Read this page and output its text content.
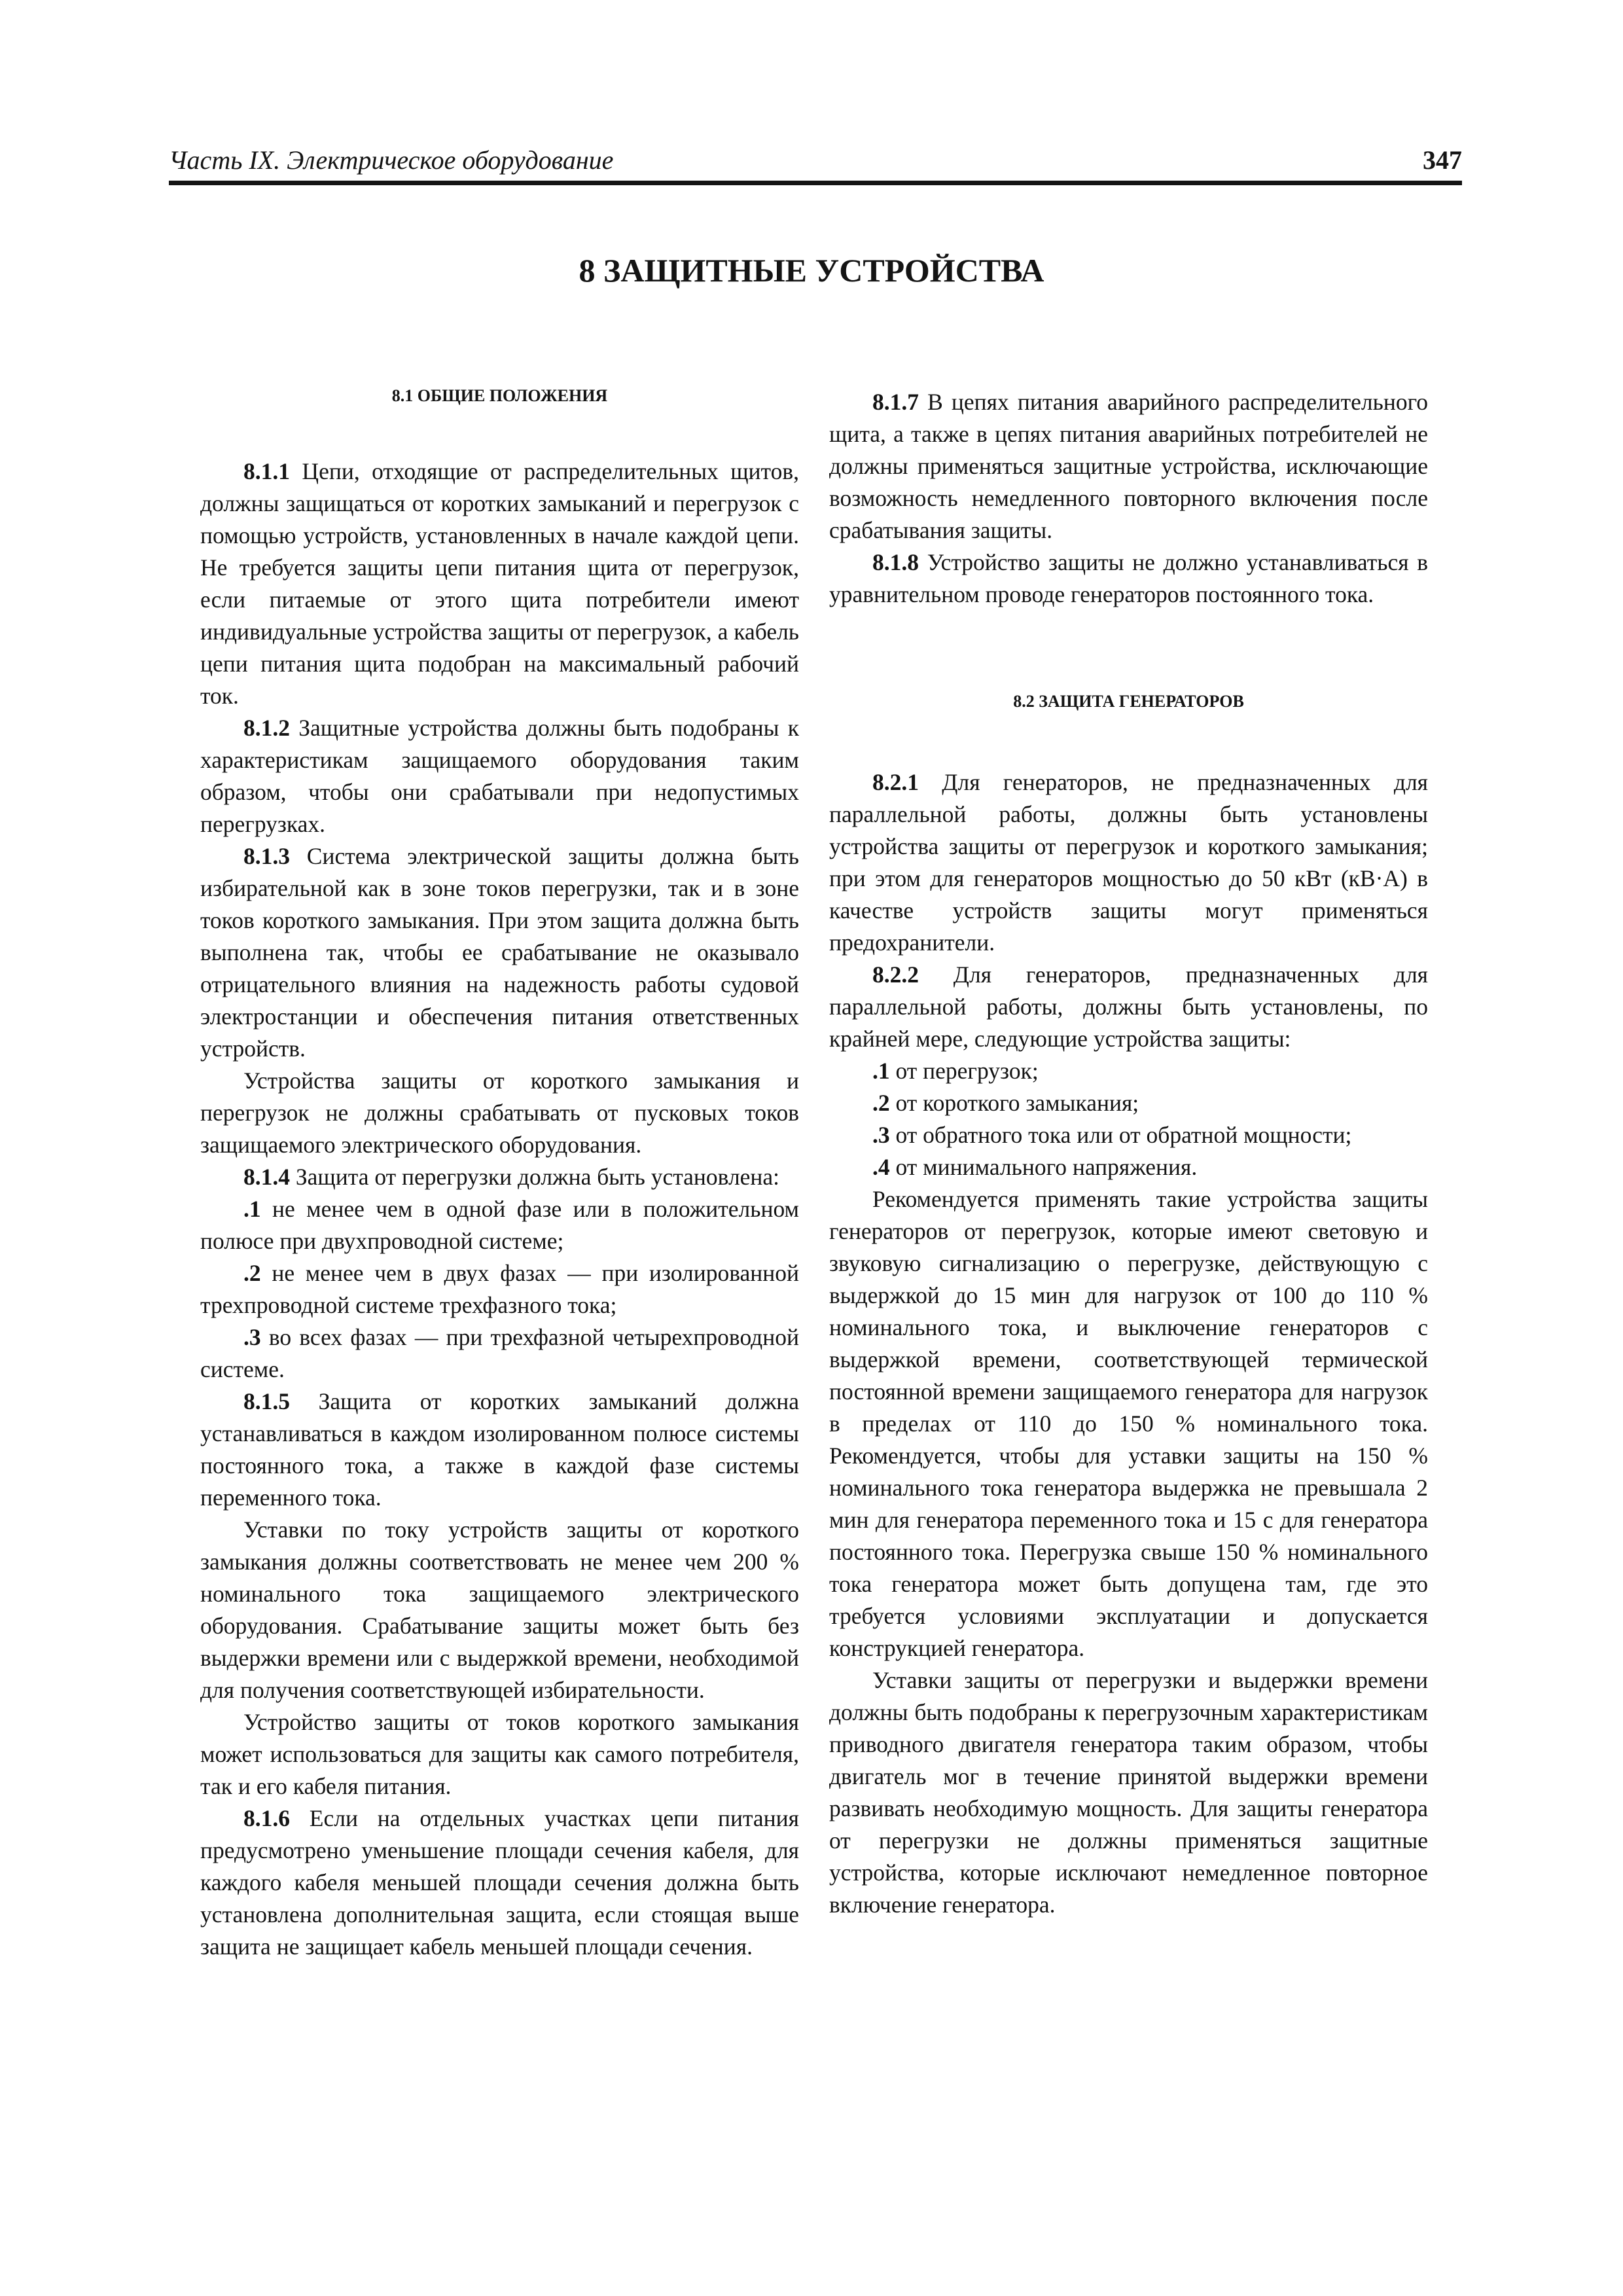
Часть IX. Электрическое оборудование	347
8 ЗАЩИТНЫЕ УСТРОЙСТВА
8.1 ОБЩИЕ ПОЛОЖЕНИЯ

8.1.1 Цепи, отходящие от распределительных щитов, должны защищаться от коротких замыканий и перегрузок с помощью устройств, установленных в начале каждой цепи. Не требуется защиты цепи питания щита от перегрузок, если питаемые от этого щита потребители имеют индивидуальные устройства защиты от перегрузок, а кабель цепи питания щита подобран на максимальный рабочий ток.

8.1.2 Защитные устройства должны быть подобраны к характеристикам защищаемого оборудования таким образом, чтобы они срабатывали при недопустимых перегрузках.

8.1.3 Система электрической защиты должна быть избирательной как в зоне токов перегрузки, так и в зоне токов короткого замыкания. При этом защита должна быть выполнена так, чтобы ее срабатывание не оказывало отрицательного влияния на надежность работы судовой электростанции и обеспечения питания ответственных устройств.

Устройства защиты от короткого замыкания и перегрузок не должны срабатывать от пусковых токов защищаемого электрического оборудования.

8.1.4 Защита от перегрузки должна быть установлена:

.1 не менее чем в одной фазе или в положительном полюсе при двухпроводной системе;

.2 не менее чем в двух фазах — при изолированной трехпроводной системе трехфазного тока;

.3 во всех фазах — при трехфазной четырехпроводной системе.

8.1.5 Защита от коротких замыканий должна устанавливаться в каждом изолированном полюсе системы постоянного тока, а также в каждой фазе системы переменного тока.

Уставки по току устройств защиты от короткого замыкания должны соответствовать не менее чем 200 % номинального тока защищаемого электрического оборудования. Срабатывание защиты может быть без выдержки времени или с выдержкой времени, необходимой для получения соответствующей избирательности.

Устройство защиты от токов короткого замыкания может использоваться для защиты как самого потребителя, так и его кабеля питания.

8.1.6 Если на отдельных участках цепи питания предусмотрено уменьшение площади сечения кабеля, для каждого кабеля меньшей площади сечения должна быть установлена дополнительная защита, если стоящая выше защита не защищает кабель меньшей площади сечения.

8.1.7 В цепях питания аварийного распределительного щита, а также в цепях питания аварийных потребителей не должны применяться защитные устройства, исключающие возможность немедленного повторного включения после срабатывания защиты.

8.1.8 Устройство защиты не должно устанавливаться в уравнительном проводе генераторов постоянного тока.

8.2 ЗАЩИТА ГЕНЕРАТОРОВ

8.2.1 Для генераторов, не предназначенных для параллельной работы, должны быть установлены устройства защиты от перегрузок и короткого замыкания; при этом для генераторов мощностью до 50 кВт (кВ·А) в качестве устройств защиты могут применяться предохранители.

8.2.2 Для генераторов, предназначенных для параллельной работы, должны быть установлены, по крайней мере, следующие устройства защиты:

.1 от перегрузок;

.2 от короткого замыкания;

.3 от обратного тока или от обратной мощности;

.4 от минимального напряжения.

Рекомендуется применять такие устройства защиты генераторов от перегрузок, которые имеют световую и звуковую сигнализацию о перегрузке, действующую с выдержкой до 15 мин для нагрузок от 100 до 110 % номинального тока, и выключение генераторов с выдержкой времени, соответствующей термической постоянной времени защищаемого генератора для нагрузок в пределах от 110 до 150 % номинального тока. Рекомендуется, чтобы для уставки защиты на 150 % номинального тока генератора выдержка не превышала 2 мин для генератора переменного тока и 15 с для генератора постоянного тока. Перегрузка свыше 150 % номинального тока генератора может быть допущена там, где это требуется условиями эксплуатации и допускается конструкцией генератора.

Уставки защиты от перегрузки и выдержки времени должны быть подобраны к перегрузочным характеристикам приводного двигателя генератора таким образом, чтобы двигатель мог в течение принятой выдержки времени развивать необходимую мощность. Для защиты генератора от перегрузки не должны применяться защитные устройства, которые исключают немедленное повторное включение генератора.
